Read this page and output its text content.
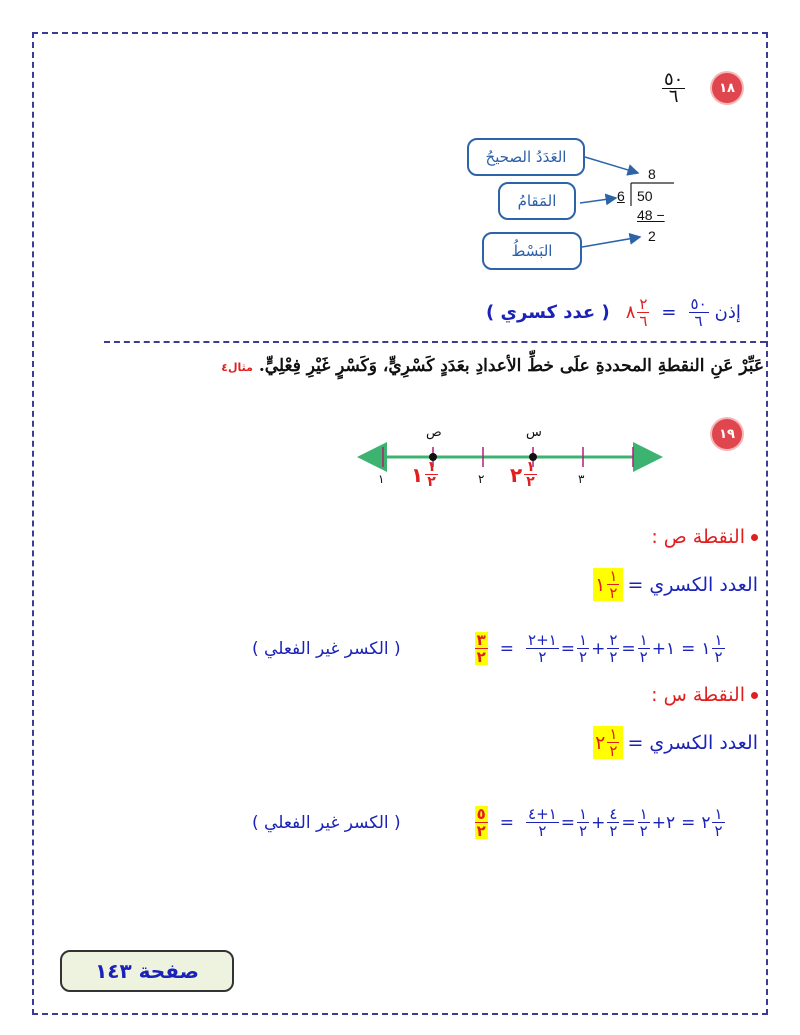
١٨
$\frac{٥٠}{٦}$
العَدَدُ الصحيحُ
المَقامُ
البَسْطُ
8
6 50
48 −
2
( عدد كسري ) ٨ $\frac{٢}{٦} = \frac{٥٠}{٦}$ إذن
عَبِّرْ عَنِ النقطةِ المحددةِ علَى خطِّ الأعدادِ بعَدَدٍ كَسْرِيٍّ، وَكَسْرٍ غَيْرِ فِعْلِيٍّ. مثال٤
١٩
ص	س
١	٢	٣
١ $\frac{١}{٢}$	٢ $\frac{١}{٢}$
النقطة ص :
العدد الكسري =
١ $\frac{١}{٢}$
( الكسر غير الفعلي )	$\frac{٣}{٢} = \frac{١+٢}{٢} = \frac{١}{٢} + \frac{٢}{٢} = \frac{١}{٢}$ + ١ = ١ $\frac{١}{٢}$
النقطة س :
العدد الكسري =
٢ $\frac{١}{٢}$
( الكسر غير الفعلي )	$\frac{٥}{٢} = \frac{١+٤}{٢} = \frac{١}{٢} + \frac{٤}{٢} = \frac{١}{٢}$ + ٢ = ٢ $\frac{١}{٢}$
صفحة ١٤٣
